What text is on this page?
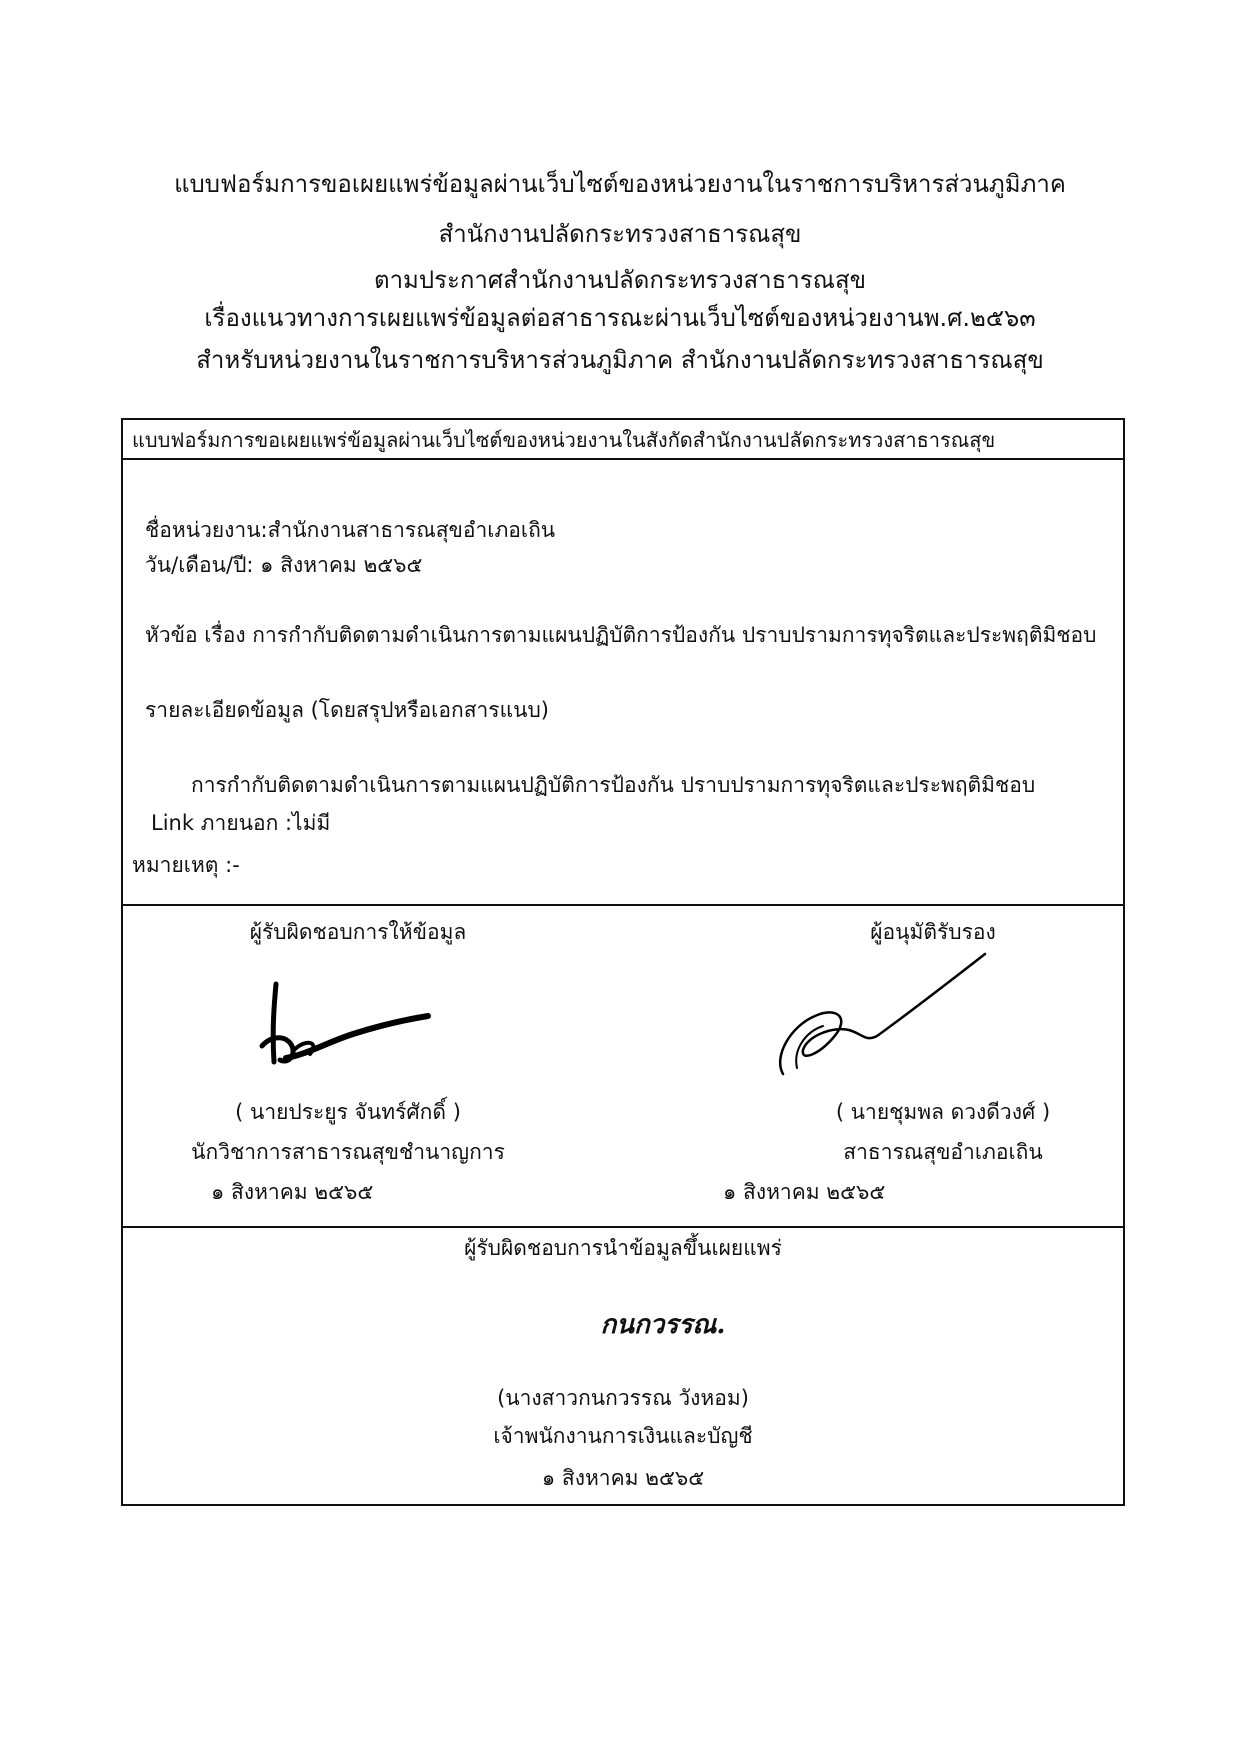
แบบฟอร์มการขอเผยแพร่ข้อมูลผ่านเว็บไซต์ของหน่วยงานในราชการบริหารส่วนภูมิภาค
สำนักงานปลัดกระทรวงสาธารณสุข
ตามประกาศสำนักงานปลัดกระทรวงสาธารณสุข
เรื่องแนวทางการเผยแพร่ข้อมูลต่อสาธารณะผ่านเว็บไซต์ของหน่วยงานพ.ศ.๒๕๖๓
สำหรับหน่วยงานในราชการบริหารส่วนภูมิภาค สำนักงานปลัดกระทรวงสาธารณสุข
แบบฟอร์มการขอเผยแพร่ข้อมูลผ่านเว็บไซต์ของหน่วยงานในสังกัดสำนักงานปลัดกระทรวงสาธารณสุข
ชื่อหน่วยงาน:สำนักงานสาธารณสุขอำเภอเถิน
วัน/เดือน/ปี: ๑ สิงหาคม ๒๕๖๕
หัวข้อ เรื่อง การกำกับติดตามดำเนินการตามแผนปฏิบัติการป้องกัน ปราบปรามการทุจริตและประพฤติมิชอบ
รายละเอียดข้อมูล (โดยสรุปหรือเอกสารแนบ)
การกำกับติดตามดำเนินการตามแผนปฏิบัติการป้องกัน ปราบปรามการทุจริตและประพฤติมิชอบ
Link ภายนอก :ไม่มี
หมายเหตุ :-
ผู้รับผิดชอบการให้ข้อมูล
( นายประยูร จันทร์ศักดิ์ )
นักวิชาการสาธารณสุขชำนาญการ
๑ สิงหาคม ๒๕๖๕
ผู้อนุมัติรับรอง
( นายชุมพล ดวงดีวงศ์ )
สาธารณสุขอำเภอเถิน
๑ สิงหาคม ๒๕๖๕
ผู้รับผิดชอบการนำข้อมูลขึ้นเผยแพร่
กนกวรรณ.
(นางสาวกนกวรรณ วังหอม)
เจ้าพนักงานการเงินและบัญชี
๑ สิงหาคม ๒๕๖๕
